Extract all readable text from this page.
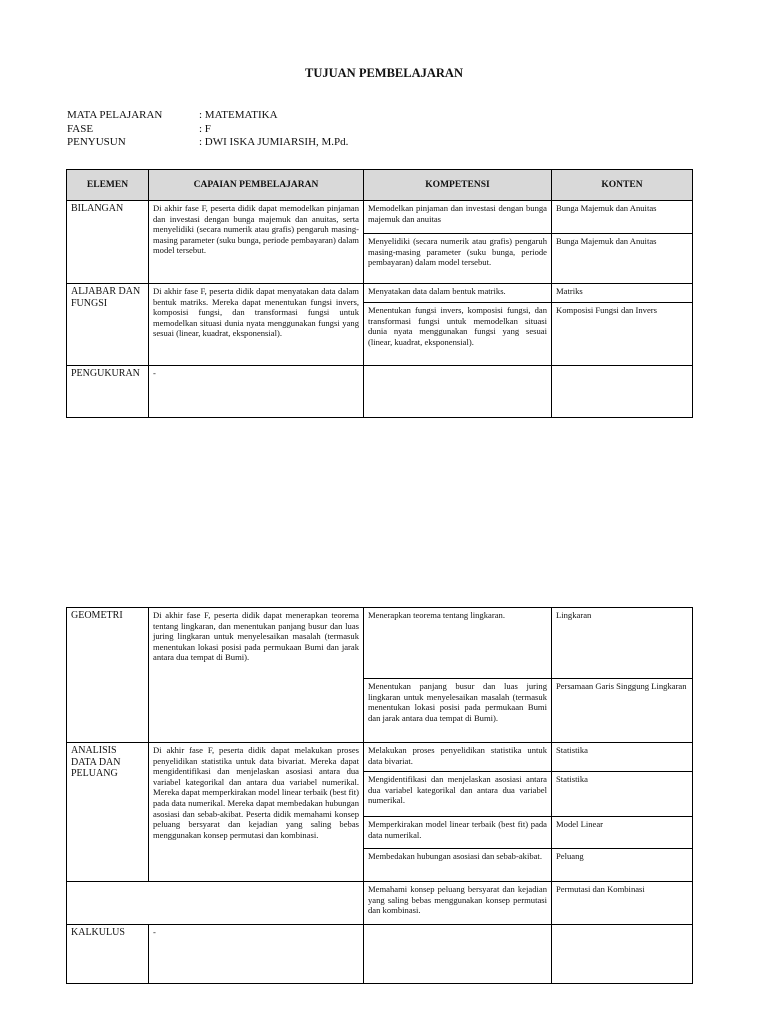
TUJUAN PEMBELAJARAN
MATA PELAJARAN	: MATEMATIKA
FASE	: F
PENYUSUN	: DWI ISKA JUMIARSIH, M.Pd.
ELEMEN	CAPAIAN PEMBELAJARAN	KOMPETENSI	KONTEN
BILANGAN	Di akhir fase F, peserta didik dapat memodelkan pinjaman dan investasi dengan bunga majemuk dan anuitas, serta menyelidiki (secara numerik atau grafis) pengaruh masing-masing parameter (suku bunga, periode pembayaran) dalam model tersebut.	Memodelkan pinjaman dan investasi dengan bunga majemuk dan anuitas	Bunga Majemuk dan Anuitas
		Menyelidiki (secara numerik atau grafis) pengaruh masing-masing parameter (suku bunga, periode pembayaran) dalam model tersebut.	Bunga Majemuk dan Anuitas
ALJABAR DAN FUNGSI	Di akhir fase F, peserta didik dapat menyatakan data dalam bentuk matriks. Mereka dapat menentukan fungsi invers, komposisi fungsi, dan transformasi fungsi untuk memodelkan situasi dunia nyata menggunakan fungsi yang sesuai (linear, kuadrat, eksponensial).	Menyatakan data dalam bentuk matriks.	Matriks
		Menentukan fungsi invers, komposisi fungsi, dan transformasi fungsi untuk memodelkan situasi dunia nyata menggunakan fungsi yang sesuai (linear, kuadrat, eksponensial).	Komposisi Fungsi dan Invers
PENGUKURAN	-		
GEOMETRI	Di akhir fase F, peserta didik dapat menerapkan teorema tentang lingkaran, dan menentukan panjang busur dan luas juring lingkaran untuk menyelesaikan masalah (termasuk menentukan lokasi posisi pada permukaan Bumi dan jarak antara dua tempat di Bumi).	Menerapkan teorema tentang lingkaran.	Lingkaran
		Menentukan panjang busur dan luas juring lingkaran untuk menyelesaikan masalah (termasuk menentukan lokasi posisi pada permukaan Bumi dan jarak antara dua tempat di Bumi).	Persamaan Garis Singgung Lingkaran
ANALISIS DATA DAN PELUANG	Di akhir fase F, peserta didik dapat melakukan proses penyelidikan statistika untuk data bivariat. Mereka dapat mengidentifikasi dan menjelaskan asosiasi antara dua variabel kategorikal dan antara dua variabel numerikal. Mereka dapat memperkirakan model linear terbaik (best fit) pada data numerikal. Mereka dapat membedakan hubungan asosiasi dan sebab-akibat. Peserta didik memahami konsep peluang bersyarat dan kejadian yang saling bebas menggunakan konsep permutasi dan kombinasi.	Melakukan proses penyelidikan statistika untuk data bivariat.	Statistika
		Mengidentifikasi dan menjelaskan asosiasi antara dua variabel kategorikal dan antara dua variabel numerikal.	Statistika
		Memperkirakan model linear terbaik (best fit) pada data numerikal.	Model Linear
		Membedakan hubungan asosiasi dan sebab-akibat.	Peluang
		Memahami konsep peluang bersyarat dan kejadian yang saling bebas menggunakan konsep permutasi dan kombinasi.	Permutasi dan Kombinasi
KALKULUS	-		
